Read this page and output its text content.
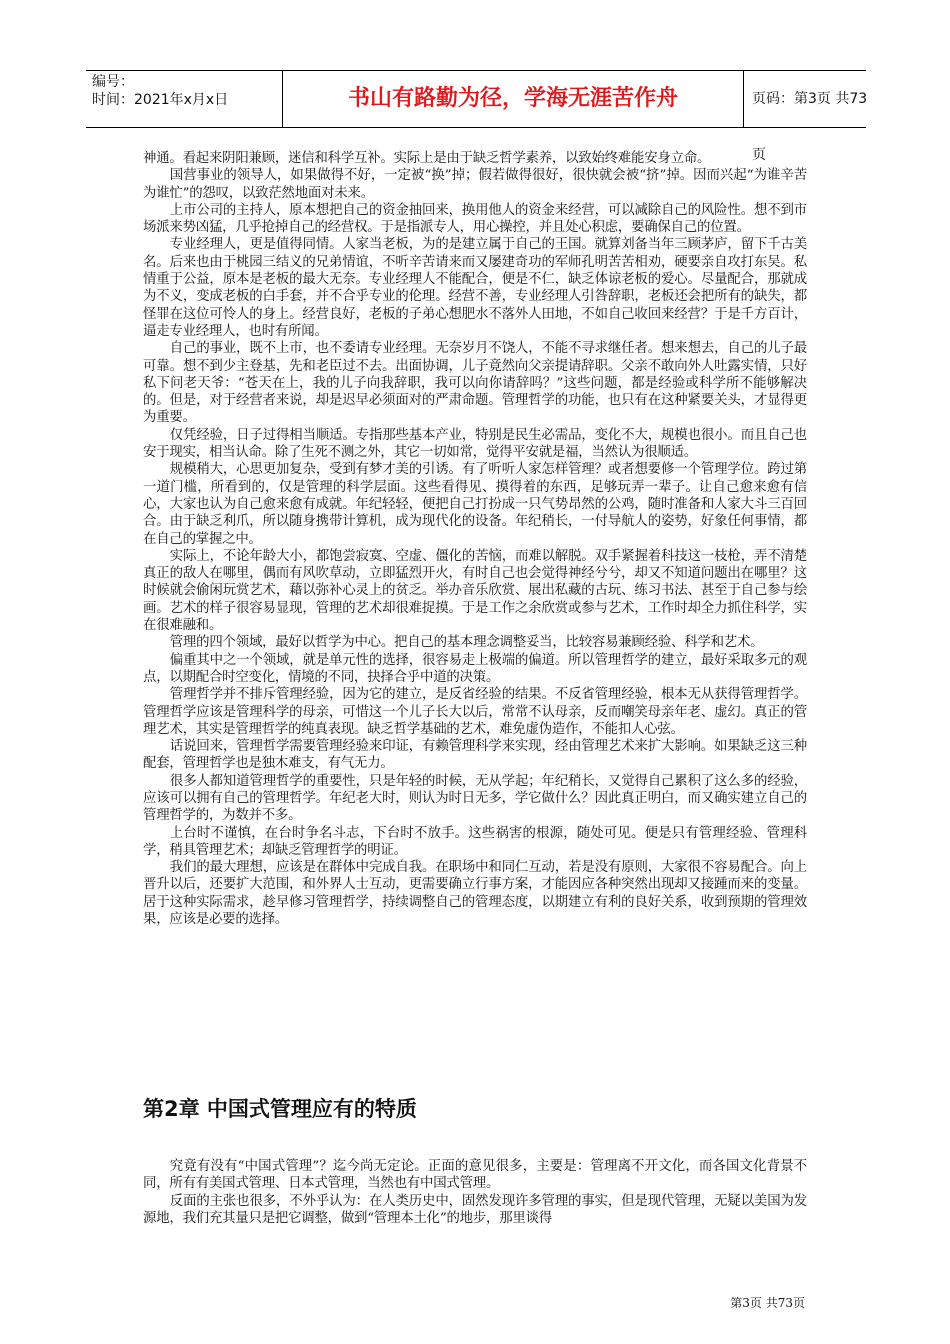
编号：
时间：2021年x月x日	书山有路勤为径，学海无涯苦作舟	页码：第3页 共73页

神通。看起来阴阳兼顾，迷信和科学互补。实际上是由于缺乏哲学素养，以致始终难能安身立命。

国营事业的领导人，如果做得不好，一定被“换”掉；假若做得很好，很快就会被“挤”掉。因而兴起“为谁辛苦为谁忙”的怨叹，以致茫然地面对未来。

上市公司的主持人，原本想把自己的资金抽回来，换用他人的资金来经营，可以减除自己的风险性。想不到市场派来势凶猛，几乎抢掉自己的经营权。于是指派专人，用心操控，并且处心积虑，要确保自己的位置。

专业经理人，更是值得同情。人家当老板，为的是建立属于自己的王国。就算刘备当年三顾茅庐，留下千古美名。后来也由于桃园三结义的兄弟情谊，不听辛苦请来而又屡建奇功的军师孔明苦苦相劝，硬要亲自攻打东吴。私情重于公益，原本是老板的最大无奈。专业经理人不能配合，便是不仁，缺乏体谅老板的爱心。尽量配合，那就成为不义，变成老板的白手套，并不合乎专业的伦理。经营不善，专业经理人引咎辞职，老板还会把所有的缺失，都怪罪在这位可怜人的身上。经营良好，老板的子弟心想肥水不落外人田地，不如自己收回来经营？于是千方百计，逼走专业经理人，也时有所闻。

自己的事业，既不上市，也不委请专业经理。无奈岁月不饶人，不能不寻求继任者。想来想去，自己的儿子最可靠。想不到少主登基，先和老臣过不去。出面协调，儿子竟然向父亲提请辞职。父亲不敢向外人吐露实情，只好私下问老天爷：“苍天在上，我的儿子向我辞职，我可以向你请辞吗？”这些问题，都是经验或科学所不能够解决的。但是，对于经营者来说，却是迟早必须面对的严肃命题。管理哲学的功能，也只有在这种紧要关头，才显得更为重要。

仅凭经验，日子过得相当顺适。专指那些基本产业，特别是民生必需品，变化不大，规模也很小。而且自己也安于现实，相当认命。除了生死不测之外，其它一切如常，觉得平安就是福，当然认为很顺适。

规模稍大，心思更加复杂，受到有梦才美的引诱。有了听听人家怎样管理？或者想要修一个管理学位。跨过第一道门槛，所看到的，仅是管理的科学层面。这些看得见、摸得着的东西，足够玩弄一辈子。让自己愈来愈有信心，大家也认为自己愈来愈有成就。年纪轻轻，便把自己打扮成一只气势昂然的公鸡，随时准备和人家大斗三百回合。由于缺乏利爪，所以随身携带计算机，成为现代化的设备。年纪稍长，一付导航人的姿势，好象任何事情，都在自己的掌握之中。

实际上，不论年龄大小，都饱尝寂寞、空虚、僵化的苦恼，而难以解脱。双手紧握着科技这一枝枪，弄不清楚真正的敌人在哪里，偶而有风吹草动，立即猛烈开火，有时自己也会觉得神经兮兮，却又不知道问题出在哪里？这时候就会偷闲玩赏艺术，藉以弥补心灵上的贫乏。举办音乐欣赏、展出私藏的古玩、练习书法、甚至于自己参与绘画。艺术的样子很容易显现，管理的艺术却很难捉摸。于是工作之余欣赏或参与艺术，工作时却全力抓住科学，实在很难融和。

管理的四个领域，最好以哲学为中心。把自己的基本理念调整妥当，比较容易兼顾经验、科学和艺术。

偏重其中之一个领域，就是单元性的选择，很容易走上极端的偏道。所以管理哲学的建立，最好采取多元的观点，以期配合时空变化，情境的不同，抉择合乎中道的决策。

管理哲学并不排斥管理经验，因为它的建立，是反省经验的结果。不反省管理经验，根本无从获得管理哲学。管理哲学应该是管理科学的母亲，可惜这一个儿子长大以后，常常不认母亲，反而嘲笑母亲年老、虚幻。真正的管理艺术，其实是管理哲学的纯真表现。缺乏哲学基础的艺术，难免虚伪造作，不能扣人心弦。

话说回来，管理哲学需要管理经验来印证，有赖管理科学来实现，经由管理艺术来扩大影响。如果缺乏这三种配套，管理哲学也是独木难支，有气无力。

很多人都知道管理哲学的重要性，只是年轻的时候，无从学起；年纪稍长，又觉得自己累积了这么多的经验，应该可以拥有自己的管理哲学。年纪老大时，则认为时日无多，学它做什么？因此真正明白，而又确实建立自己的管理哲学的，为数并不多。

上台时不谨慎，在台时争名斗志，下台时不放手。这些祸害的根源，随处可见。便是只有管理经验、管理科学，稍具管理艺术；却缺乏管理哲学的明证。

我们的最大理想，应该是在群体中完成自我。在职场中和同仁互动，若是没有原则，大家很不容易配合。向上晋升以后，还要扩大范围，和外界人士互动，更需要确立行事方案，才能因应各种突然出现却又接踵而来的变量。居于这种实际需求，趁早修习管理哲学，持续调整自己的管理态度，以期建立有利的良好关系，收到预期的管理效果，应该是必要的选择。

第2章 中国式管理应有的特质

究竟有没有“中国式管理”？迄今尚无定论。正面的意见很多，主要是：管理离不开文化，而各国文化背景不同，所有有美国式管理、日本式管理，当然也有中国式管理。

反面的主张也很多，不外乎认为：在人类历史中，固然发现许多管理的事实，但是现代管理，无疑以美国为发源地，我们充其量只是把它调整，做到“管理本土化”的地步，那里谈得

第3页 共73页
